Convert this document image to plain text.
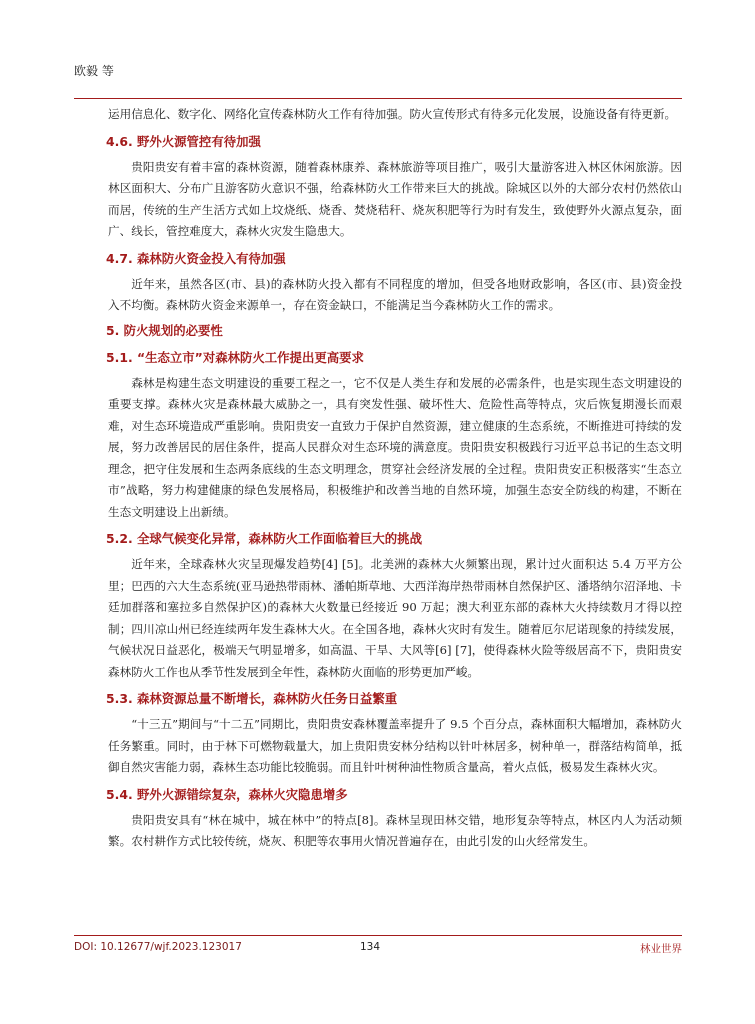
欧毅 等

运用信息化、数字化、网络化宣传森林防火工作有待加强。防火宣传形式有待多元化发展，设施设备有待更新。

4.6. 野外火源管控有待加强

贵阳贵安有着丰富的森林资源，随着森林康养、森林旅游等项目推广，吸引大量游客进入林区休闲旅游。因林区面积大、分布广且游客防火意识不强，给森林防火工作带来巨大的挑战。除城区以外的大部分农村仍然依山而居，传统的生产生活方式如上坟烧纸、烧香、焚烧秸秆、烧灰积肥等行为时有发生，致使野外火源点复杂，面广、线长，管控难度大，森林火灾发生隐患大。

4.7. 森林防火资金投入有待加强

近年来，虽然各区(市、县)的森林防火投入都有不同程度的增加，但受各地财政影响，各区(市、县)资金投入不均衡。森林防火资金来源单一，存在资金缺口，不能满足当今森林防火工作的需求。

5. 防火规划的必要性
5.1. “生态立市”对森林防火工作提出更高要求

森林是构建生态文明建设的重要工程之一，它不仅是人类生存和发展的必需条件，也是实现生态文明建设的重要支撑。森林火灾是森林最大威胁之一，具有突发性强、破坏性大、危险性高等特点，灾后恢复期漫长而艰难，对生态环境造成严重影响。贵阳贵安一直致力于保护自然资源，建立健康的生态系统，不断推进可持续的发展，努力改善居民的居住条件，提高人民群众对生态环境的满意度。贵阳贵安积极践行习近平总书记的生态文明理念，把守住发展和生态两条底线的生态文明理念，贯穿社会经济发展的全过程。贵阳贵安正积极落实“生态立市”战略，努力构建健康的绿色发展格局，积极维护和改善当地的自然环境，加强生态安全防线的构建，不断在生态文明建设上出新绩。

5.2. 全球气候变化异常，森林防火工作面临着巨大的挑战

近年来，全球森林火灾呈现爆发趋势[4] [5]。北美洲的森林大火频繁出现，累计过火面积达 5.4 万平方公里；巴西的六大生态系统(亚马逊热带雨林、潘帕斯草地、大西洋海岸热带雨林自然保护区、潘塔纳尔沼泽地、卡廷加群落和塞拉多自然保护区)的森林大火数量已经接近 90 万起；澳大利亚东部的森林大火持续数月才得以控制；四川凉山州已经连续两年发生森林大火。在全国各地，森林火灾时有发生。随着厄尔尼诺现象的持续发展，气候状况日益恶化，极端天气明显增多，如高温、干旱、大风等[6] [7]，使得森林火险等级居高不下，贵阳贵安森林防火工作也从季节性发展到全年性，森林防火面临的形势更加严峻。

5.3. 森林资源总量不断增长，森林防火任务日益繁重

“十三五”期间与“十二五”同期比，贵阳贵安森林覆盖率提升了 9.5 个百分点，森林面积大幅增加，森林防火任务繁重。同时，由于林下可燃物载量大，加上贵阳贵安林分结构以针叶林居多，树种单一，群落结构简单，抵御自然灾害能力弱，森林生态功能比较脆弱。而且针叶树种油性物质含量高，着火点低，极易发生森林火灾。

5.4. 野外火源错综复杂，森林火灾隐患增多

贵阳贵安具有“林在城中，城在林中”的特点[8]。森林呈现田林交错，地形复杂等特点，林区内人为活动频繁。农村耕作方式比较传统，烧灰、积肥等农事用火情况普遍存在，由此引发的山火经常发生。

DOI: 10.12677/wjf.2023.123017	134	林业世界
